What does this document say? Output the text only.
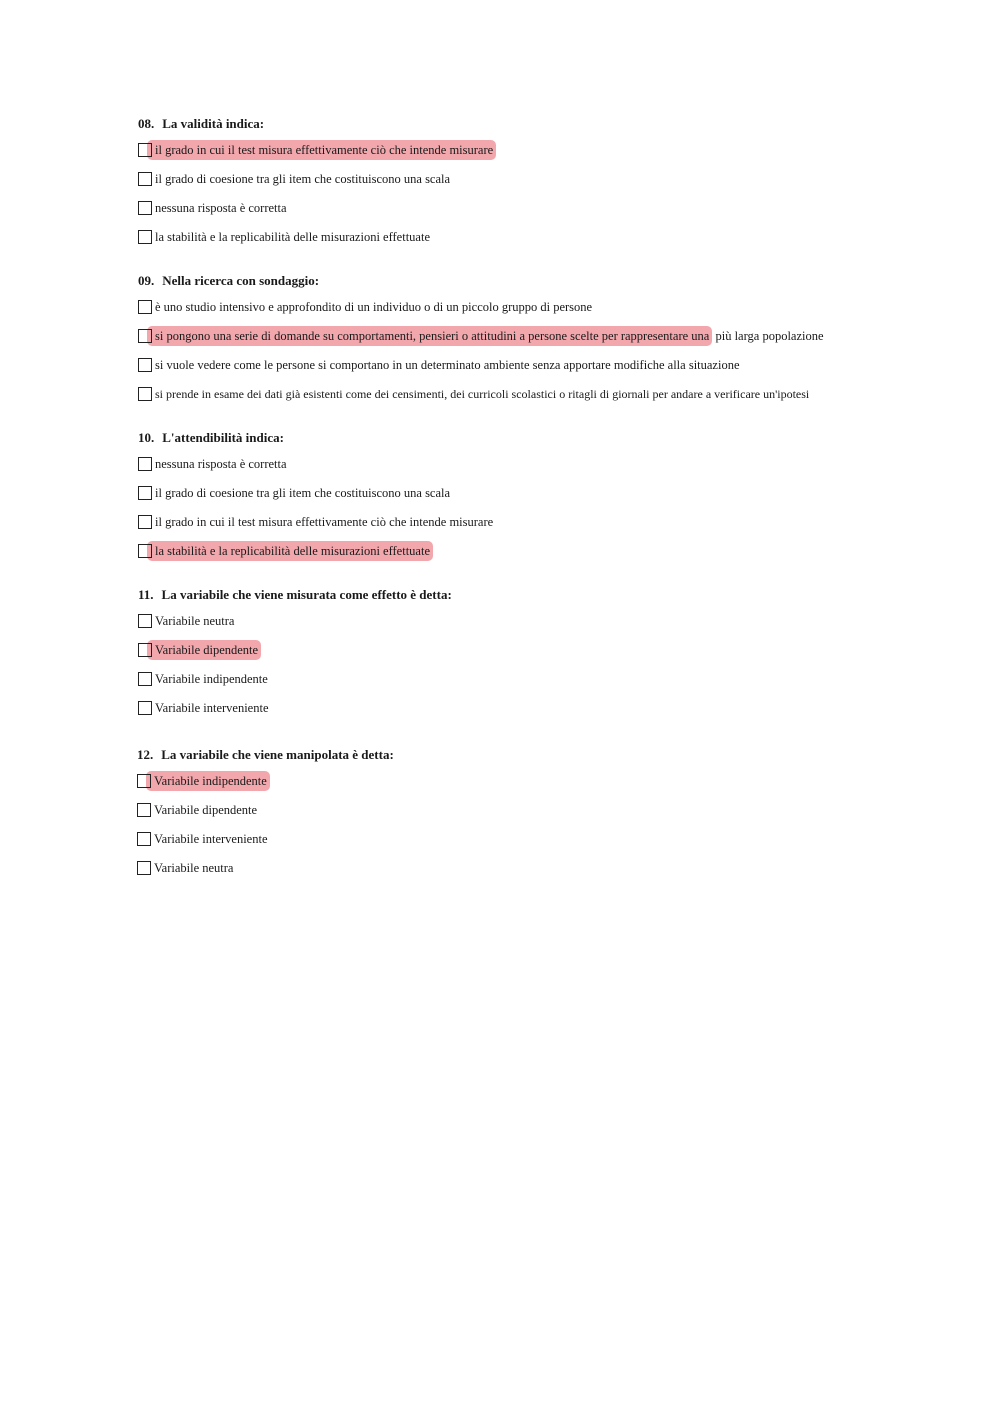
08. La validità indica:
il grado in cui il test misura effettivamente ciò che intende misurare
il grado di coesione tra gli item che costituiscono una scala
nessuna risposta è corretta
la stabilità e la replicabilità delle misurazioni effettuate
09. Nella ricerca con sondaggio:
è uno studio intensivo e approfondito di un individuo o di un piccolo gruppo di persone
si pongono una serie di domande su comportamenti, pensieri o attitudini a persone scelte per rappresentare una più larga popolazione
si vuole vedere come le persone si comportano in un determinato ambiente senza apportare modifiche alla situazione
si prende in esame dei dati già esistenti come dei censimenti, dei curricoli scolastici o ritagli di giornali per andare a verificare un'ipotesi
10. L'attendibilità indica:
nessuna risposta è corretta
il grado di coesione tra gli item che costituiscono una scala
il grado in cui il test misura effettivamente ciò che intende misurare
la stabilità e la replicabilità delle misurazioni effettuate
11. La variabile che viene misurata come effetto è detta:
Variabile neutra
Variabile dipendente
Variabile indipendente
Variabile interveniente
12. La variabile che viene manipolata è detta:
Variabile indipendente
Variabile dipendente
Variabile interveniente
Variabile neutra
